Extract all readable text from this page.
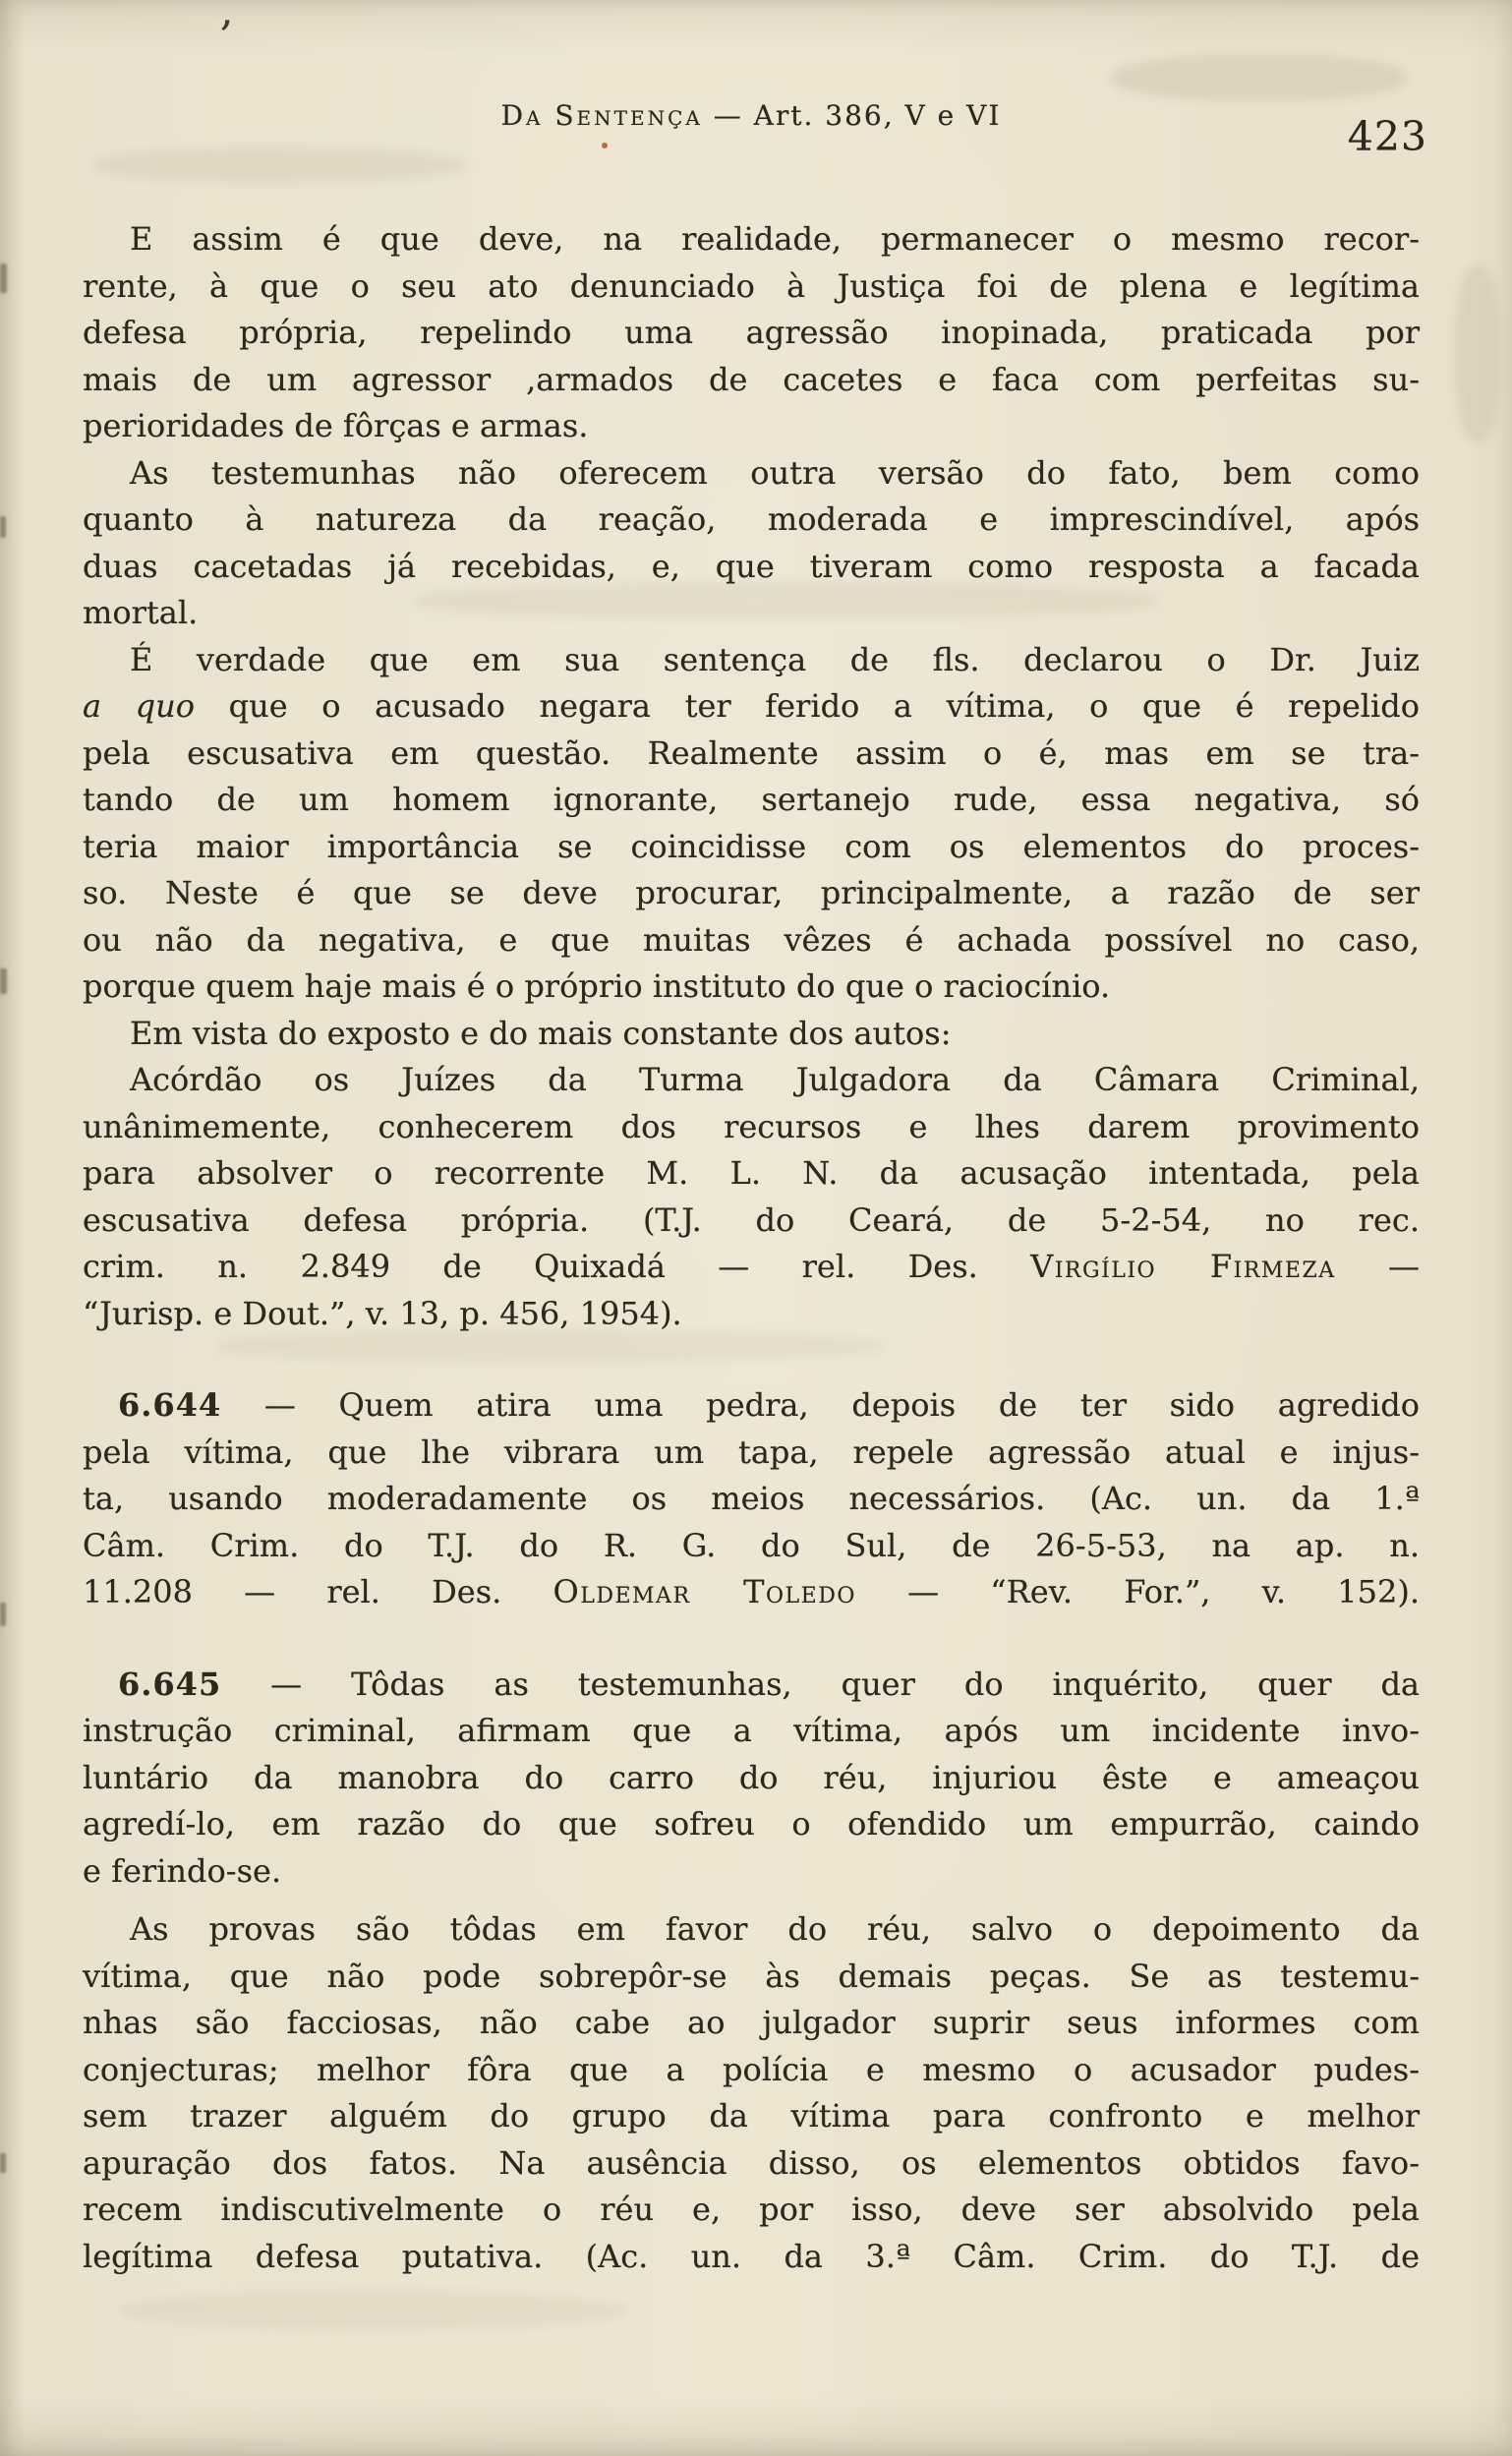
,
Da Sentença — Art. 386, V e VI	423
E assim é que deve, na realidade, permanecer o mesmo recor-
rente, à que o seu ato denunciado à Justiça foi de plena e legítima
defesa própria, repelindo uma agressão inopinada, praticada por
mais de um agressor ,armados de cacetes e faca com perfeitas su-
perioridades de fôrças e armas.
As testemunhas não oferecem outra versão do fato, bem como
quanto à natureza da reação, moderada e imprescindível, após
duas cacetadas já recebidas, e, que tiveram como resposta a facada
mortal.
É verdade que em sua sentença de fls. declarou o Dr. Juiz
a quo que o acusado negara ter ferido a vítima, o que é repelido
pela escusativa em questão. Realmente assim o é, mas em se tra-
tando de um homem ignorante, sertanejo rude, essa negativa, só
teria maior importância se coincidisse com os elementos do proces-
so. Neste é que se deve procurar, principalmente, a razão de ser
ou não da negativa, e que muitas vêzes é achada possível no caso,
porque quem haje mais é o próprio instituto do que o raciocínio.
Em vista do exposto e do mais constante dos autos:
Acórdão os Juízes da Turma Julgadora da Câmara Criminal,
unânimemente, conhecerem dos recursos e lhes darem provimento
para absolver o recorrente M. L. N. da acusação intentada, pela
escusativa defesa própria. (T.J. do Ceará, de 5-2-54, no rec.
crim. n. 2.849 de Quixadá — rel. Des. Virgílio Firmeza —
“Jurisp. e Dout.”, v. 13, p. 456, 1954).
6.644 — Quem atira uma pedra, depois de ter sido agredido
pela vítima, que lhe vibrara um tapa, repele agressão atual e injus-
ta, usando moderadamente os meios necessários. (Ac. un. da 1.ª
Câm. Crim. do T.J. do R. G. do Sul, de 26-5-53, na ap. n.
11.208 — rel. Des. Oldemar Toledo — “Rev. For.”, v. 152).
6.645 — Tôdas as testemunhas, quer do inquérito, quer da
instrução criminal, afirmam que a vítima, após um incidente invo-
luntário da manobra do carro do réu, injuriou êste e ameaçou
agredí-lo, em razão do que sofreu o ofendido um empurrão, caindo
e ferindo-se.
As provas são tôdas em favor do réu, salvo o depoimento da
vítima, que não pode sobrepôr-se às demais peças. Se as testemu-
nhas são facciosas, não cabe ao julgador suprir seus informes com
conjecturas; melhor fôra que a polícia e mesmo o acusador pudes-
sem trazer alguém do grupo da vítima para confronto e melhor
apuração dos fatos. Na ausência disso, os elementos obtidos favo-
recem indiscutivelmente o réu e, por isso, deve ser absolvido pela
legítima defesa putativa. (Ac. un. da 3.ª Câm. Crim. do T.J. de
